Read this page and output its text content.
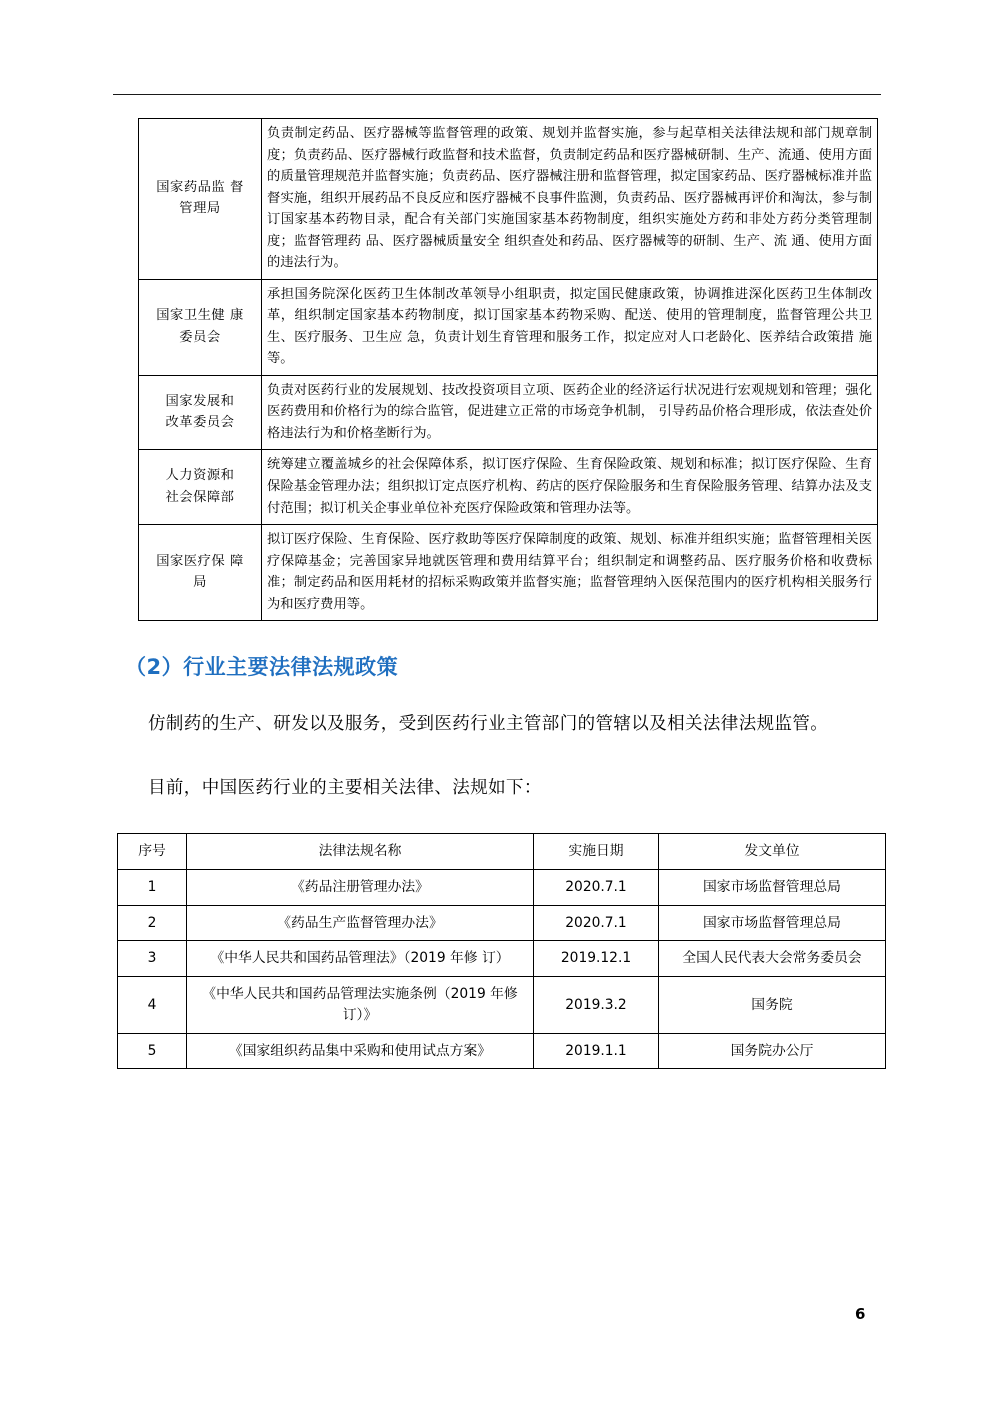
国家药品监 督
管理局	负责制定药品、医疗器械等监督管理的政策、规划并监督实施，参与起草相关法律法规和部门规章制度；负责药品、医疗器械行政监督和技术监督，负责制定药品和医疗器械研制、生产、流通、使用方面的质量管理规范并监督实施；负责药品、医疗器械注册和监督管理，拟定国家药品、医疗器械标准并监督实施，组织开展药品不良反应和医疗器械不良事件监测，负责药品、医疗器械再评价和淘汰，参与制订国家基本药物目录，配合有关部门实施国家基本药物制度，组织实施处方药和非处方药分类管理制度；监督管理药 品、医疗器械质量安全 组织查处和药品、医疗器械等的研制、生产、流 通、使用方面的违法行为。

国家卫生健 康
委员会	承担国务院深化医药卫生体制改革领导小组职责，拟定国民健康政策，协调推进深化医药卫生体制改革，组织制定国家基本药物制度，拟订国家基本药物采购、配送、使用的管理制度，监督管理公共卫生、医疗服务、卫生应 急，负责计划生育管理和服务工作，拟定应对人口老龄化、医养结合政策措 施等。

国家发展和
改革委员会	负责对医药行业的发展规划、技改投资项目立项、医药企业的经济运行状况进行宏观规划和管理；强化医药费用和价格行为的综合监管，促进建立正常的市场竞争机制， 引导药品价格合理形成，依法查处价格违法行为和价格垄断行为。

人力资源和
社会保障部	统筹建立覆盖城乡的社会保障体系，拟订医疗保险、生育保险政策、规划和标准；拟订医疗保险、生育保险基金管理办法；组织拟订定点医疗机构、药店的医疗保险服务和生育保险服务管理、结算办法及支付范围；拟订机关企事业单位补充医疗保险政策和管理办法等。

国家医疗保 障
局	拟订医疗保险、生育保险、医疗救助等医疗保障制度的政策、规划、标准并组织实施；监督管理相关医疗保障基金；完善国家异地就医管理和费用结算平台；组织制定和调整药品、医疗服务价格和收费标准；制定药品和医用耗材的招标采购政策并监督实施；监督管理纳入医保范围内的医疗机构相关服务行为和医疗费用等。
（2）行业主要法律法规政策

仿制药的生产、研发以及服务，受到医药行业主管部门的管辖以及相关法律法规监管。

目前，中国医药行业的主要相关法律、法规如下：

序号	法律法规名称	实施日期	发文单位
1	《药品注册管理办法》	2020.7.1	国家市场监督管理总局
2	《药品生产监督管理办法》	2020.7.1	国家市场监督管理总局
3	《中华人民共和国药品管理法》（2019 年修 订）	2019.12.1	全国人民代表大会常务委员会
4	《中华人民共和国药品管理法实施条例（2019 年修订）》	2019.3.2	国务院
5	《国家组织药品集中采购和使用试点方案》	2019.1.1	国务院办公厅
6
